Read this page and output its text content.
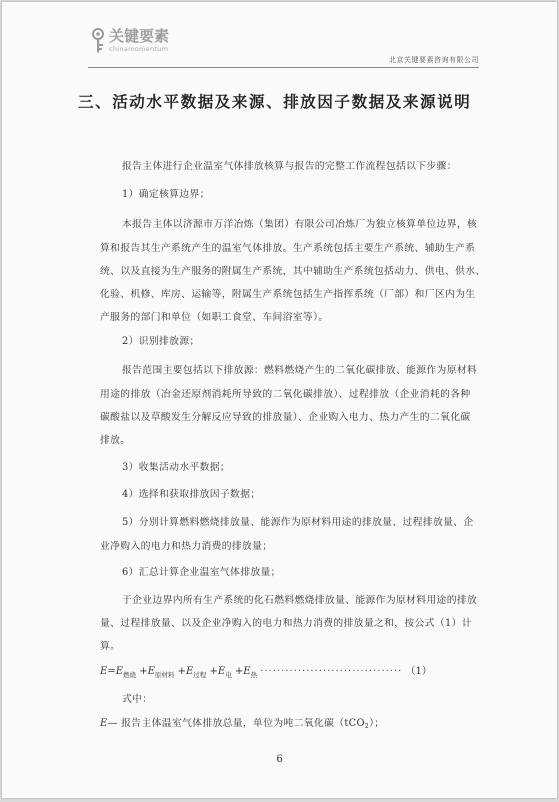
关键要素
chinamomentum
北京关键要素咨询有限公司
三、活动水平数据及来源、排放因子数据及来源说明
报告主体进行企业温室气体排放核算与报告的完整工作流程包括以下步骤：
1）确定核算边界；
本报告主体以济源市万洋冶炼（集团）有限公司冶炼厂为独立核算单位边界，核
算和报告其生产系统产生的温室气体排放。生产系统包括主要生产系统、辅助生产系
统、以及直接为生产服务的附属生产系统，其中辅助生产系统包括动力、供电、供水、
化验、机修、库房、运输等，附属生产系统包括生产指挥系统（厂部）和厂区内为生
产服务的部门和单位（如职工食堂、车间浴室等）。
2）识别排放源；
报告范围主要包括以下排放源：燃料燃烧产生的二氧化碳排放、能源作为原材料
用途的排放（冶金还原剂消耗所导致的二氧化碳排放）、过程排放（企业消耗的各种
碳酸盐以及草酸发生分解反应导致的排放量）、企业购入电力、热力产生的二氧化碳
排放。
3）收集活动水平数据；
4）选择和获取排放因子数据；
5）分别计算燃料燃烧排放量、能源作为原材料用途的排放量、过程排放量、企
业净购入的电力和热力消费的排放量；
6）汇总计算企业温室气体排放量；
于企业边界内所有生产系统的化石燃料燃烧排放量、能源作为原材料用途的排放
量、过程排放量、以及企业净购入的电力和热力消费的排放量之和，按公式（1）计
算。
$E=E_{燃烧} +E_{原材料} +E_{过程} +E_电 +E_热$ ·································· （1）
式中：
E— 报告主体温室气体排放总量，单位为吨二氧化碳（tCO$_2$）；
6
